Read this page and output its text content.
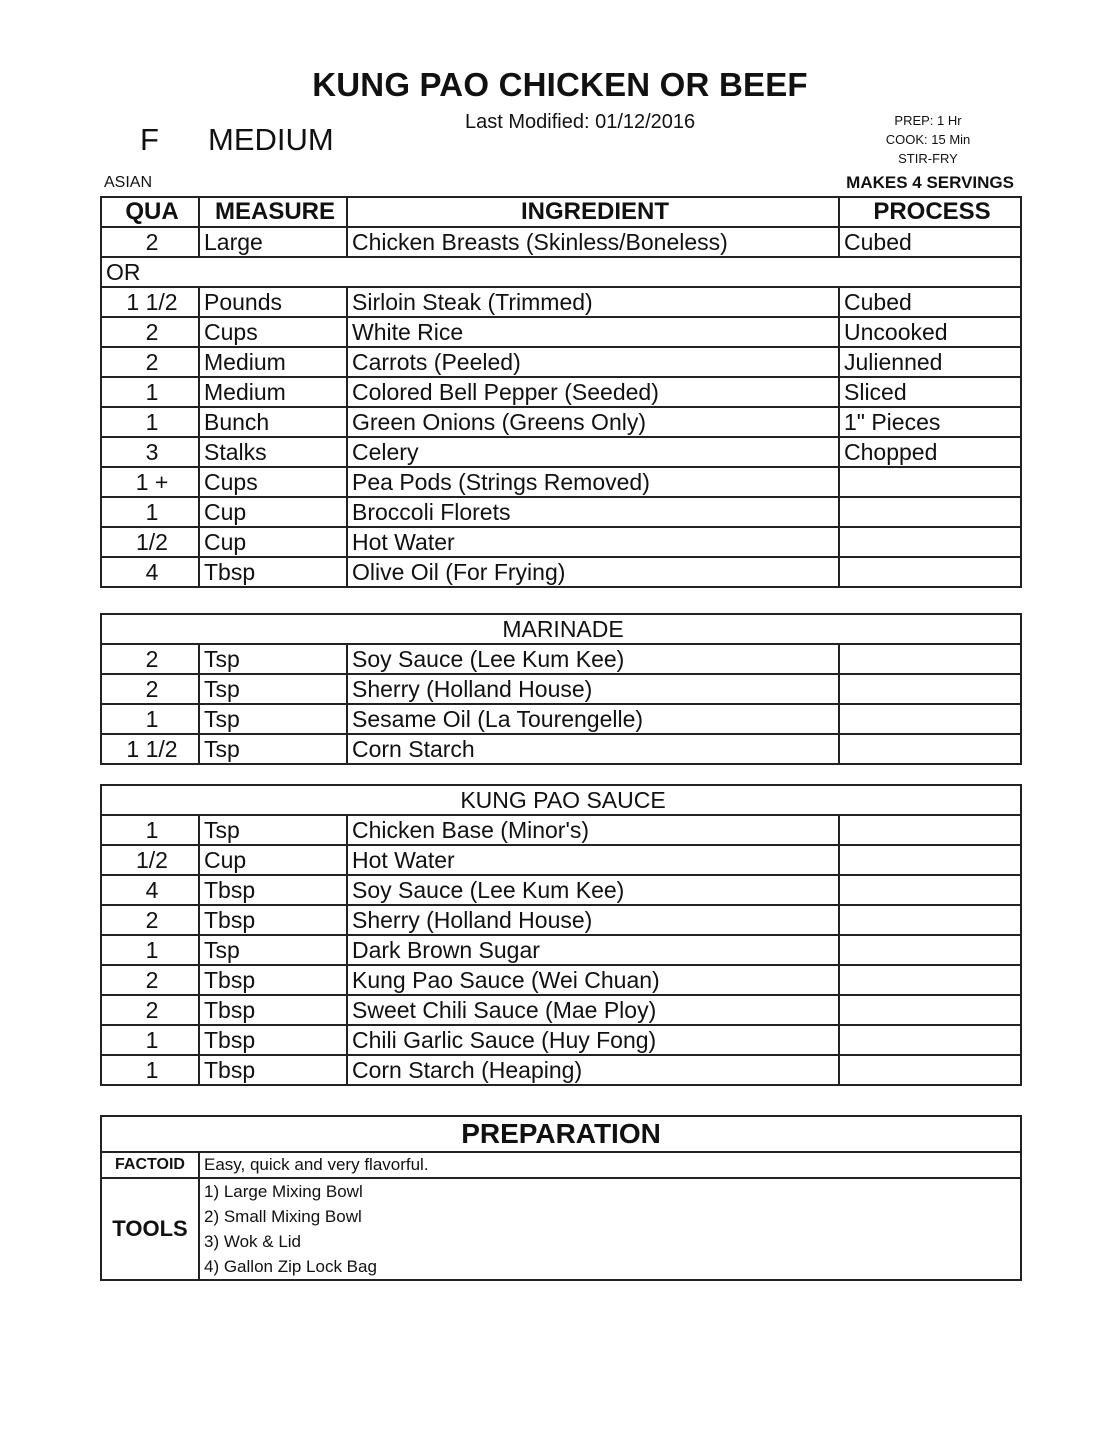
KUNG PAO CHICKEN OR BEEF
F MEDIUM	Last Modified: 01/12/2016	PREP: 1 Hr
COOK: 15 Min
STIR-FRY
ASIAN	MAKES 4 SERVINGS
QUA	MEASURE	INGREDIENT	PROCESS
2	Large	Chicken Breasts (Skinless/Boneless)	Cubed
OR			
1 1/2	Pounds	Sirloin Steak (Trimmed)	Cubed
2	Cups	White Rice	Uncooked
2	Medium	Carrots (Peeled)	Julienned
1	Medium	Colored Bell Pepper (Seeded)	Sliced
1	Bunch	Green Onions (Greens Only)	1" Pieces
3	Stalks	Celery	Chopped
1 +	Cups	Pea Pods (Strings Removed)	
1	Cup	Broccoli Florets	
1/2	Cup	Hot Water	
4	Tbsp	Olive Oil (For Frying)	
MARINADE			
2	Tsp	Soy Sauce (Lee Kum Kee)	
2	Tsp	Sherry (Holland House)	
1	Tsp	Sesame Oil (La Tourengelle)	
1 1/2	Tsp	Corn Starch	
KUNG PAO SAUCE			
1	Tsp	Chicken Base (Minor's)	
1/2	Cup	Hot Water	
4	Tbsp	Soy Sauce (Lee Kum Kee)	
2	Tbsp	Sherry (Holland House)	
1	Tsp	Dark Brown Sugar	
2	Tbsp	Kung Pao Sauce (Wei Chuan)	
2	Tbsp	Sweet Chili Sauce (Mae Ploy)	
1	Tbsp	Chili Garlic Sauce (Huy Fong)	
1	Tbsp	Corn Starch (Heaping)	
PREPARATION	
FACTOID	Easy, quick and very flavorful.
TOOLS	1) Large Mixing Bowl
2) Small Mixing Bowl
3) Wok & Lid
4) Gallon Zip Lock Bag
